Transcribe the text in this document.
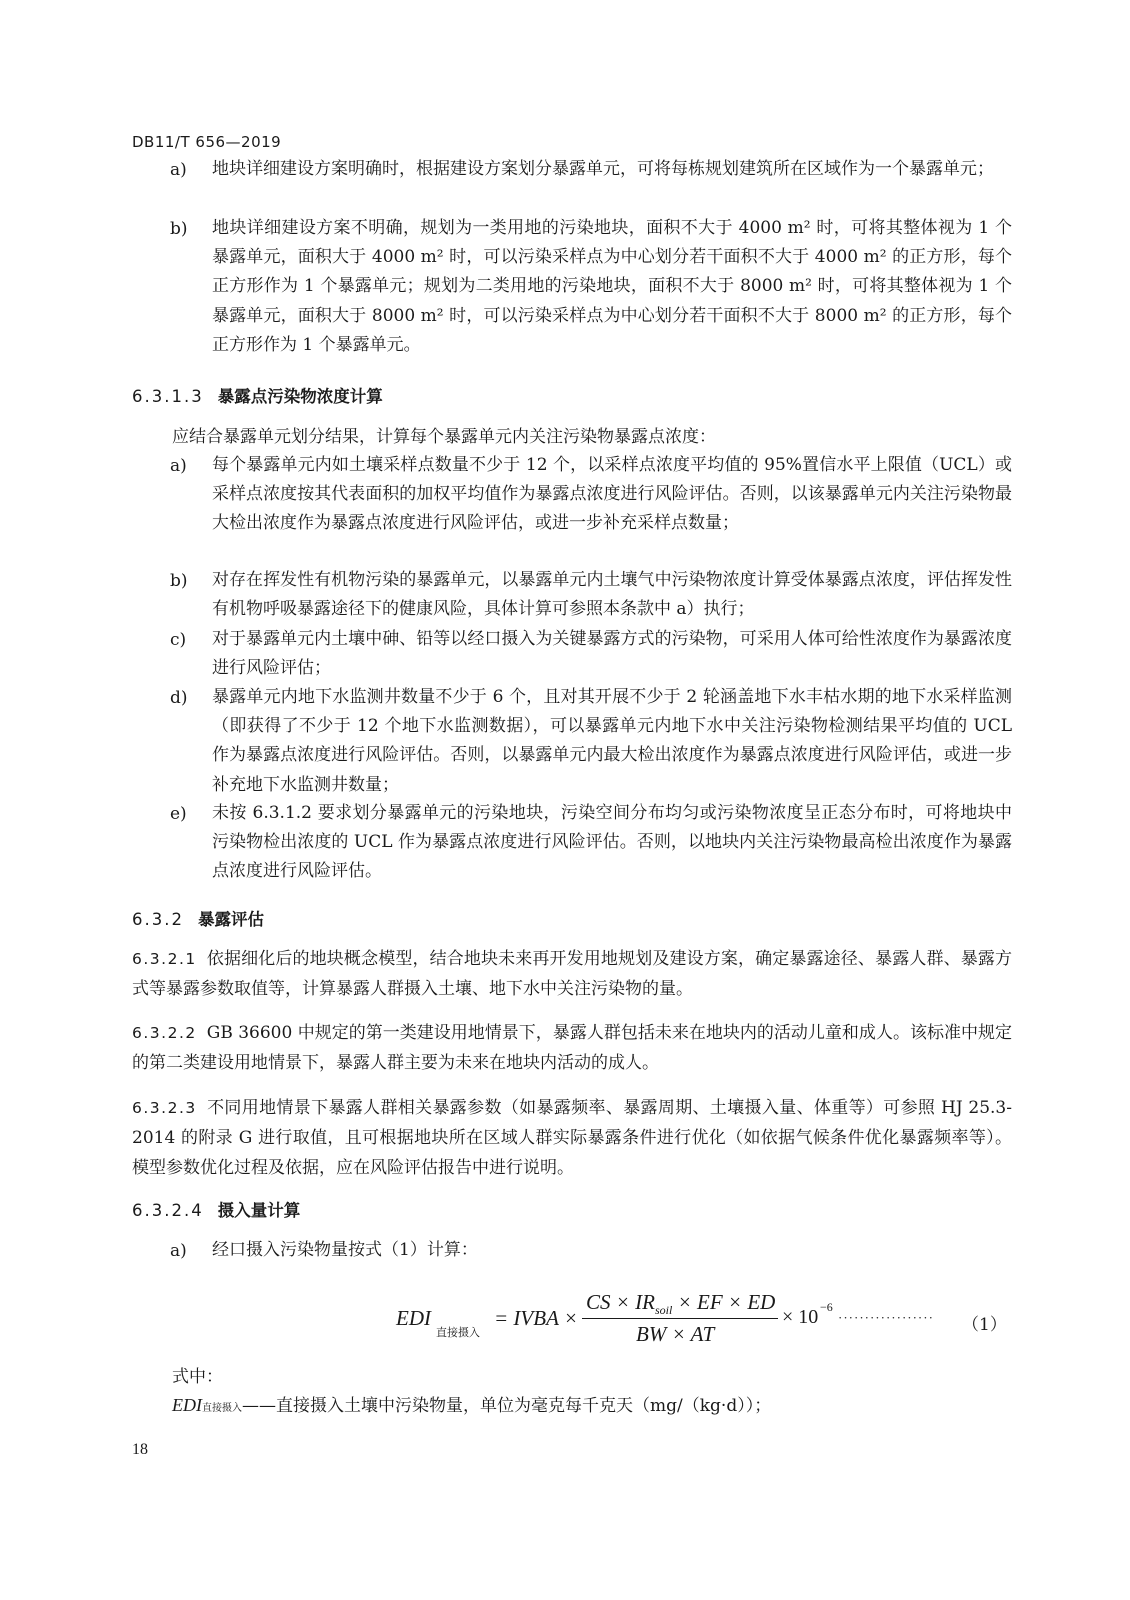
DB11/T 656—2019
a) 地块详细建设方案明确时，根据建设方案划分暴露单元，可将每栋规划建筑所在区域作为一个暴露单元；
b) 地块详细建设方案不明确，规划为一类用地的污染地块，面积不大于 4000 m² 时，可将其整体视为 1 个暴露单元，面积大于 4000 m² 时，可以污染采样点为中心划分若干面积不大于 4000 m² 的正方形，每个正方形作为 1 个暴露单元；规划为二类用地的污染地块，面积不大于 8000 m² 时，可将其整体视为 1 个暴露单元，面积大于 8000 m² 时，可以污染采样点为中心划分若干面积不大于 8000 m² 的正方形，每个正方形作为 1 个暴露单元。
6.3.1.3 暴露点污染物浓度计算
应结合暴露单元划分结果，计算每个暴露单元内关注污染物暴露点浓度：
a) 每个暴露单元内如土壤采样点数量不少于 12 个，以采样点浓度平均值的 95%置信水平上限值（UCL）或采样点浓度按其代表面积的加权平均值作为暴露点浓度进行风险评估。否则，以该暴露单元内关注污染物最大检出浓度作为暴露点浓度进行风险评估，或进一步补充采样点数量；
b) 对存在挥发性有机物污染的暴露单元，以暴露单元内土壤气中污染物浓度计算受体暴露点浓度，评估挥发性有机物呼吸暴露途径下的健康风险，具体计算可参照本条款中 a）执行；
c) 对于暴露单元内土壤中砷、铅等以经口摄入为关键暴露方式的污染物，可采用人体可给性浓度作为暴露浓度进行风险评估；
d) 暴露单元内地下水监测井数量不少于 6 个，且对其开展不少于 2 轮涵盖地下水丰枯水期的地下水采样监测（即获得了不少于 12 个地下水监测数据），可以暴露单元内地下水中关注污染物检测结果平均值的 UCL 作为暴露点浓度进行风险评估。否则，以暴露单元内最大检出浓度作为暴露点浓度进行风险评估，或进一步补充地下水监测井数量；
e) 未按 6.3.1.2 要求划分暴露单元的污染地块，污染空间分布均匀或污染物浓度呈正态分布时，可将地块中污染物检出浓度的 UCL 作为暴露点浓度进行风险评估。否则，以地块内关注污染物最高检出浓度作为暴露点浓度进行风险评估。
6.3.2 暴露评估
6.3.2.1 依据细化后的地块概念模型，结合地块未来再开发用地规划及建设方案，确定暴露途径、暴露人群、暴露方式等暴露参数取值等，计算暴露人群摄入土壤、地下水中关注污染物的量。
6.3.2.2 GB 36600 中规定的第一类建设用地情景下，暴露人群包括未来在地块内的活动儿童和成人。该标准中规定的第二类建设用地情景下，暴露人群主要为未来在地块内活动的成人。
6.3.2.3 不同用地情景下暴露人群相关暴露参数（如暴露频率、暴露周期、土壤摄入量、体重等）可参照 HJ 25.3-2014 的附录 G 进行取值，且可根据地块所在区域人群实际暴露条件进行优化（如依据气候条件优化暴露频率等）。模型参数优化过程及依据，应在风险评估报告中进行说明。
6.3.2.4 摄入量计算
a) 经口摄入污染物量按式（1）计算：
EDI
直接摄入
= IVBA ×
CS × $IR_{soil}$ × EF × ED
BW × AT
× 10 −6
·················· （1）
式中：
EDI直接摄入——直接摄入土壤中污染物量，单位为毫克每千克天（mg/（kg·d））；
18
